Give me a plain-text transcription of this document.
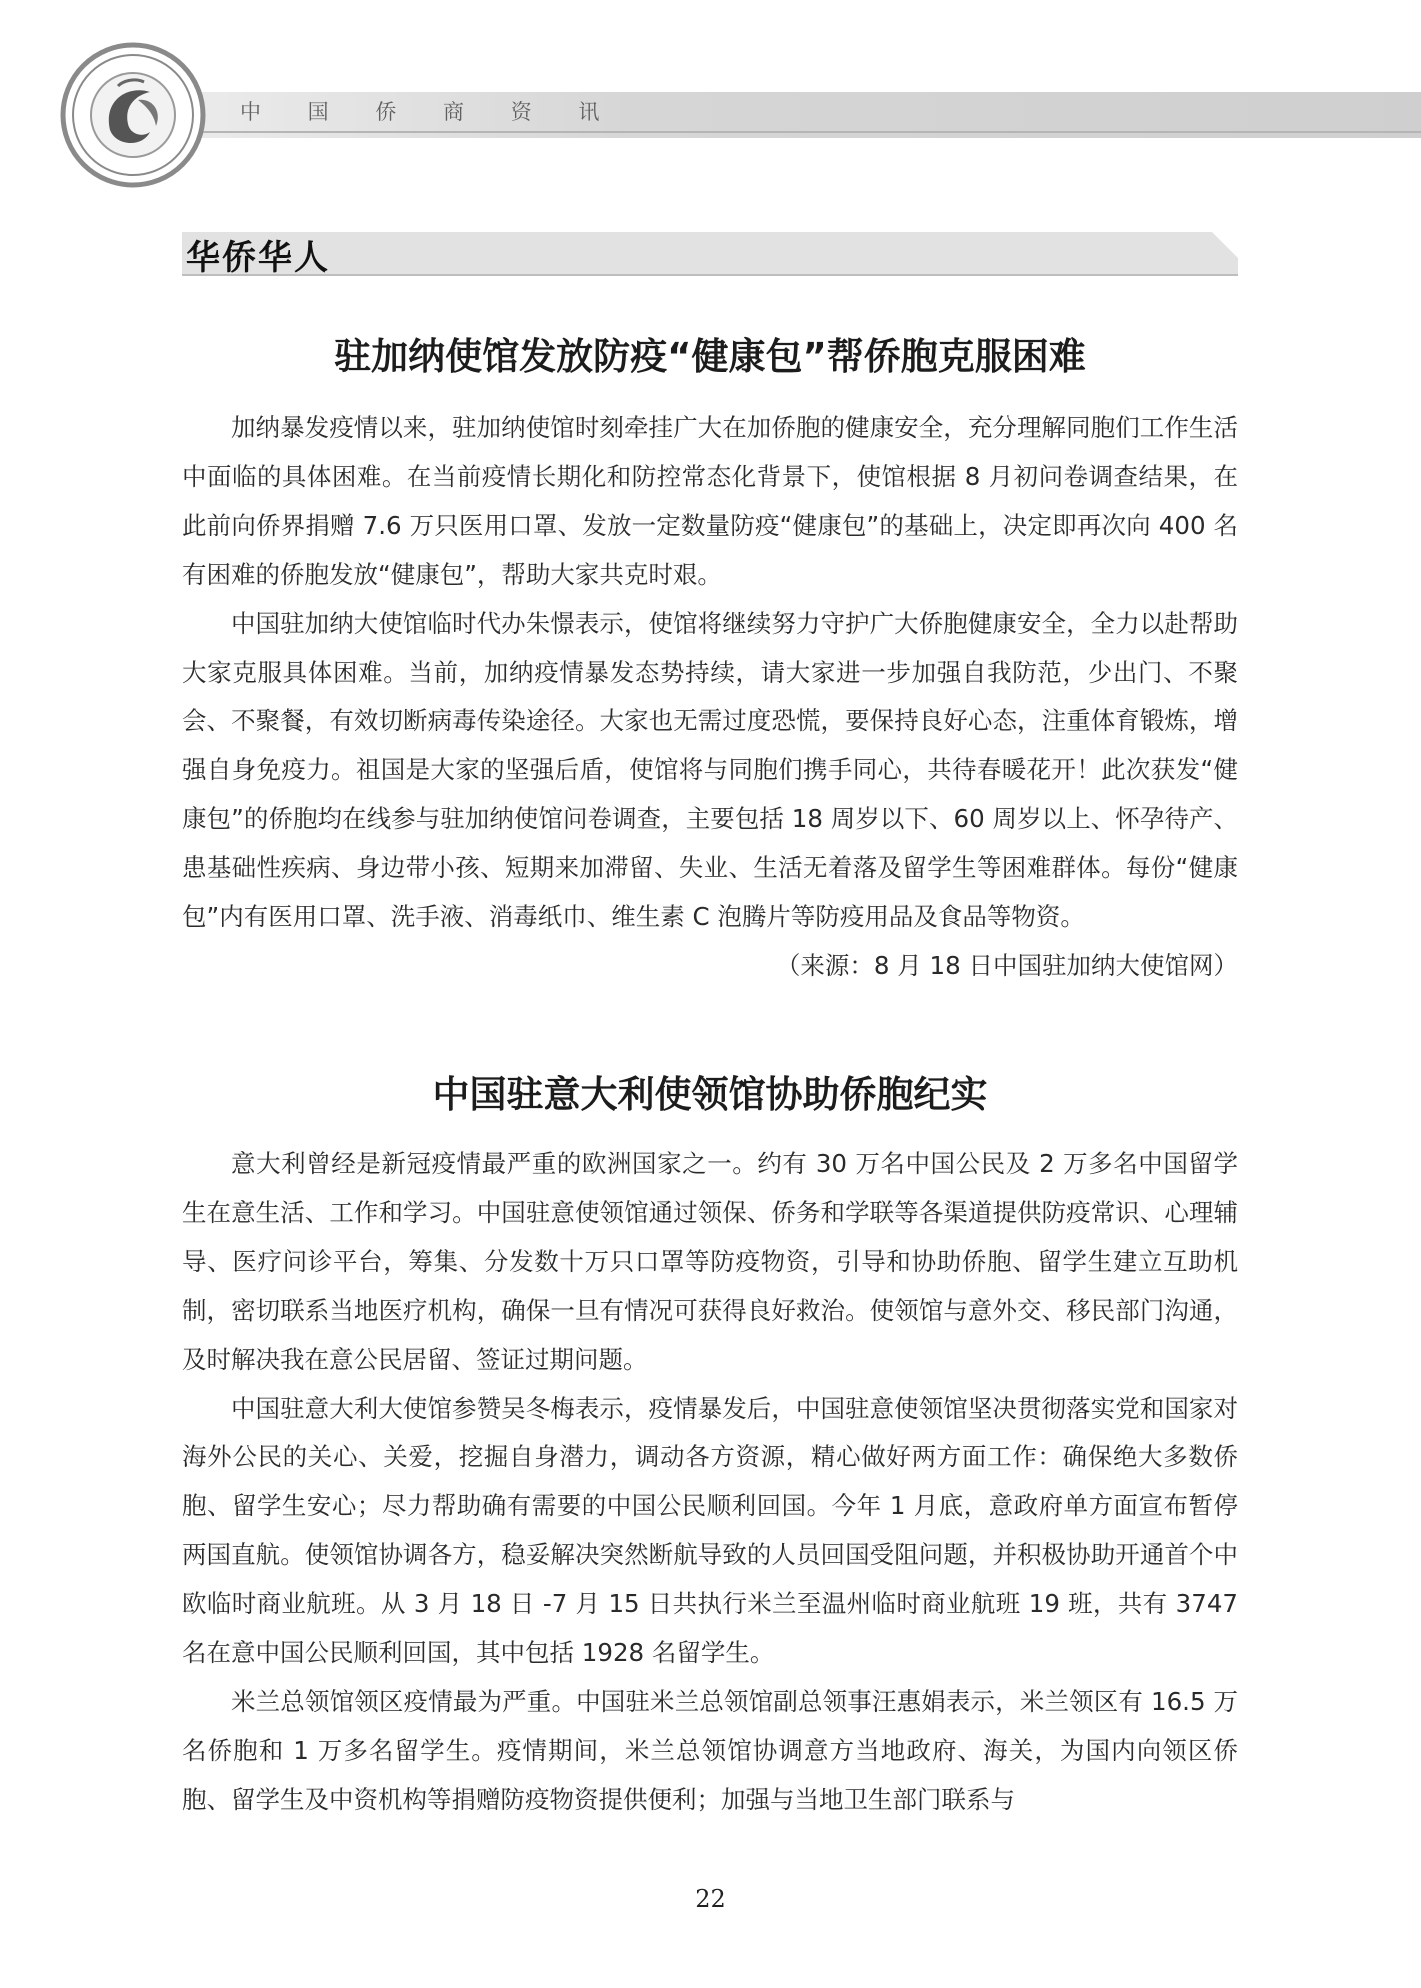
中 国 侨 商 资 讯
华侨华人
驻加纳使馆发放防疫“健康包”帮侨胞克服困难

加纳暴发疫情以来，驻加纳使馆时刻牵挂广大在加侨胞的健康安全，充分理解同胞们工作生活中面临的具体困难。在当前疫情长期化和防控常态化背景下，使馆根据 8 月初问卷调查结果，在此前向侨界捐赠 7.6 万只医用口罩、发放一定数量防疫“健康包”的基础上，决定即再次向 400 名有困难的侨胞发放“健康包”，帮助大家共克时艰。

中国驻加纳大使馆临时代办朱憬表示，使馆将继续努力守护广大侨胞健康安全，全力以赴帮助大家克服具体困难。当前，加纳疫情暴发态势持续，请大家进一步加强自我防范，少出门、不聚会、不聚餐，有效切断病毒传染途径。大家也无需过度恐慌，要保持良好心态，注重体育锻炼，增强自身免疫力。祖国是大家的坚强后盾，使馆将与同胞们携手同心，共待春暖花开！此次获发“健康包”的侨胞均在线参与驻加纳使馆问卷调查，主要包括 18 周岁以下、60 周岁以上、怀孕待产、患基础性疾病、身边带小孩、短期来加滞留、失业、生活无着落及留学生等困难群体。每份“健康包”内有医用口罩、洗手液、消毒纸巾、维生素 C 泡腾片等防疫用品及食品等物资。
（来源：8 月 18 日中国驻加纳大使馆网）

中国驻意大利使领馆协助侨胞纪实

意大利曾经是新冠疫情最严重的欧洲国家之一。约有 30 万名中国公民及 2 万多名中国留学生在意生活、工作和学习。中国驻意使领馆通过领保、侨务和学联等各渠道提供防疫常识、心理辅导、医疗问诊平台，筹集、分发数十万只口罩等防疫物资，引导和协助侨胞、留学生建立互助机制，密切联系当地医疗机构，确保一旦有情况可获得良好救治。使领馆与意外交、移民部门沟通，及时解决我在意公民居留、签证过期问题。

中国驻意大利大使馆参赞吴冬梅表示，疫情暴发后，中国驻意使领馆坚决贯彻落实党和国家对海外公民的关心、关爱，挖掘自身潜力，调动各方资源，精心做好两方面工作：确保绝大多数侨胞、留学生安心；尽力帮助确有需要的中国公民顺利回国。今年 1 月底，意政府单方面宣布暂停两国直航。使领馆协调各方，稳妥解决突然断航导致的人员回国受阻问题，并积极协助开通首个中欧临时商业航班。从 3 月 18 日 -7 月 15 日共执行米兰至温州临时商业航班 19 班，共有 3747 名在意中国公民顺利回国，其中包括 1928 名留学生。

米兰总领馆领区疫情最为严重。中国驻米兰总领馆副总领事汪惠娟表示，米兰领区有 16.5 万名侨胞和 1 万多名留学生。疫情期间，米兰总领馆协调意方当地政府、海关，为国内向领区侨胞、留学生及中资机构等捐赠防疫物资提供便利；加强与当地卫生部门联系与

22
